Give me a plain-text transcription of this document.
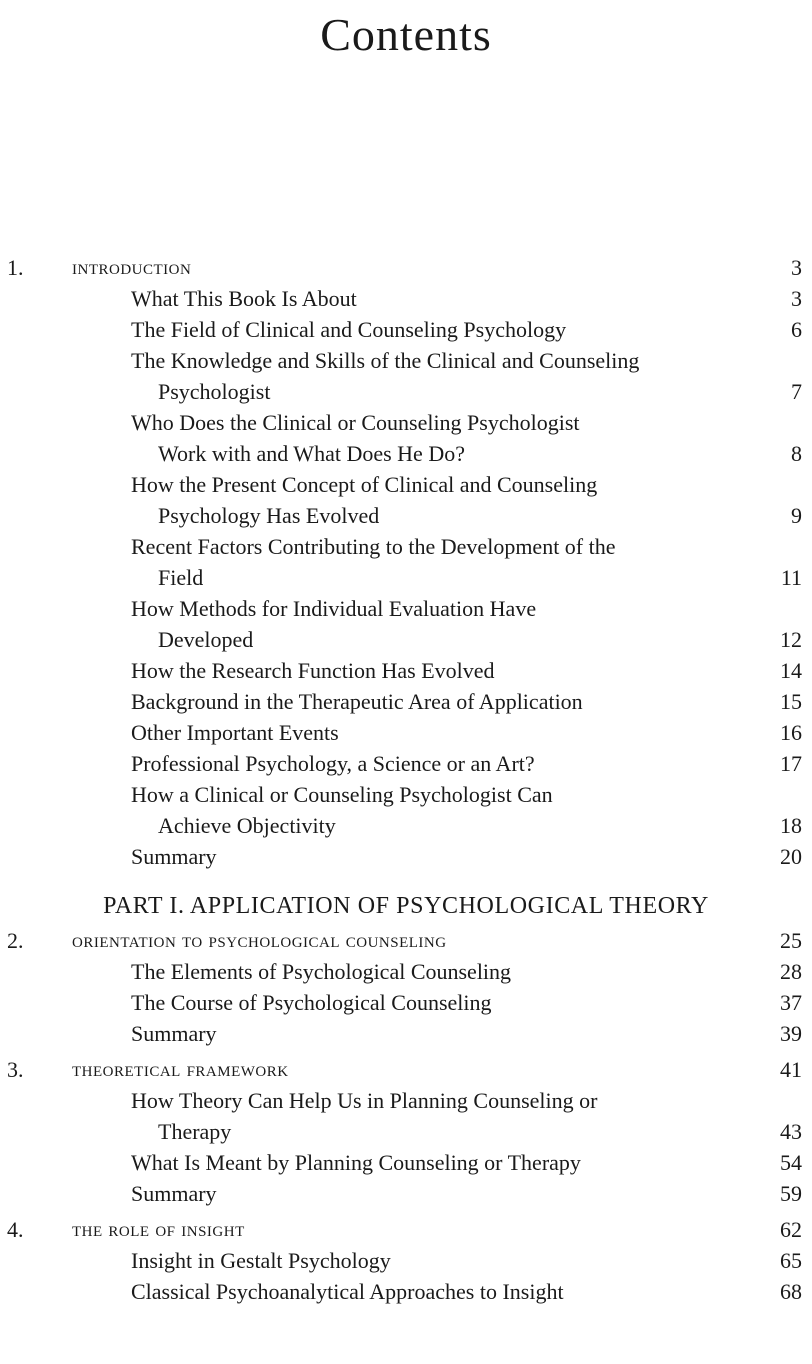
Contents
1. introduction	3
What This Book Is About	3
The Field of Clinical and Counseling Psychology	6
The Knowledge and Skills of the Clinical and Counseling
Psychologist	7
Who Does the Clinical or Counseling Psychologist
Work with and What Does He Do?	8
How the Present Concept of Clinical and Counseling
Psychology Has Evolved	9
Recent Factors Contributing to the Development of the
Field	11
How Methods for Individual Evaluation Have
Developed	12
How the Research Function Has Evolved	14
Background in the Therapeutic Area of Application	15
Other Important Events	16
Professional Psychology, a Science or an Art?	17
How a Clinical or Counseling Psychologist Can
Achieve Objectivity	18
Summary	20
PART I. APPLICATION OF PSYCHOLOGICAL THEORY
2. orientation to psychological counseling	25
The Elements of Psychological Counseling	28
The Course of Psychological Counseling	37
Summary	39
3. theoretical framework	41
How Theory Can Help Us in Planning Counseling or
Therapy	43
What Is Meant by Planning Counseling or Therapy	54
Summary	59
4. the role of insight	62
Insight in Gestalt Psychology	65
Classical Psychoanalytical Approaches to Insight	68
